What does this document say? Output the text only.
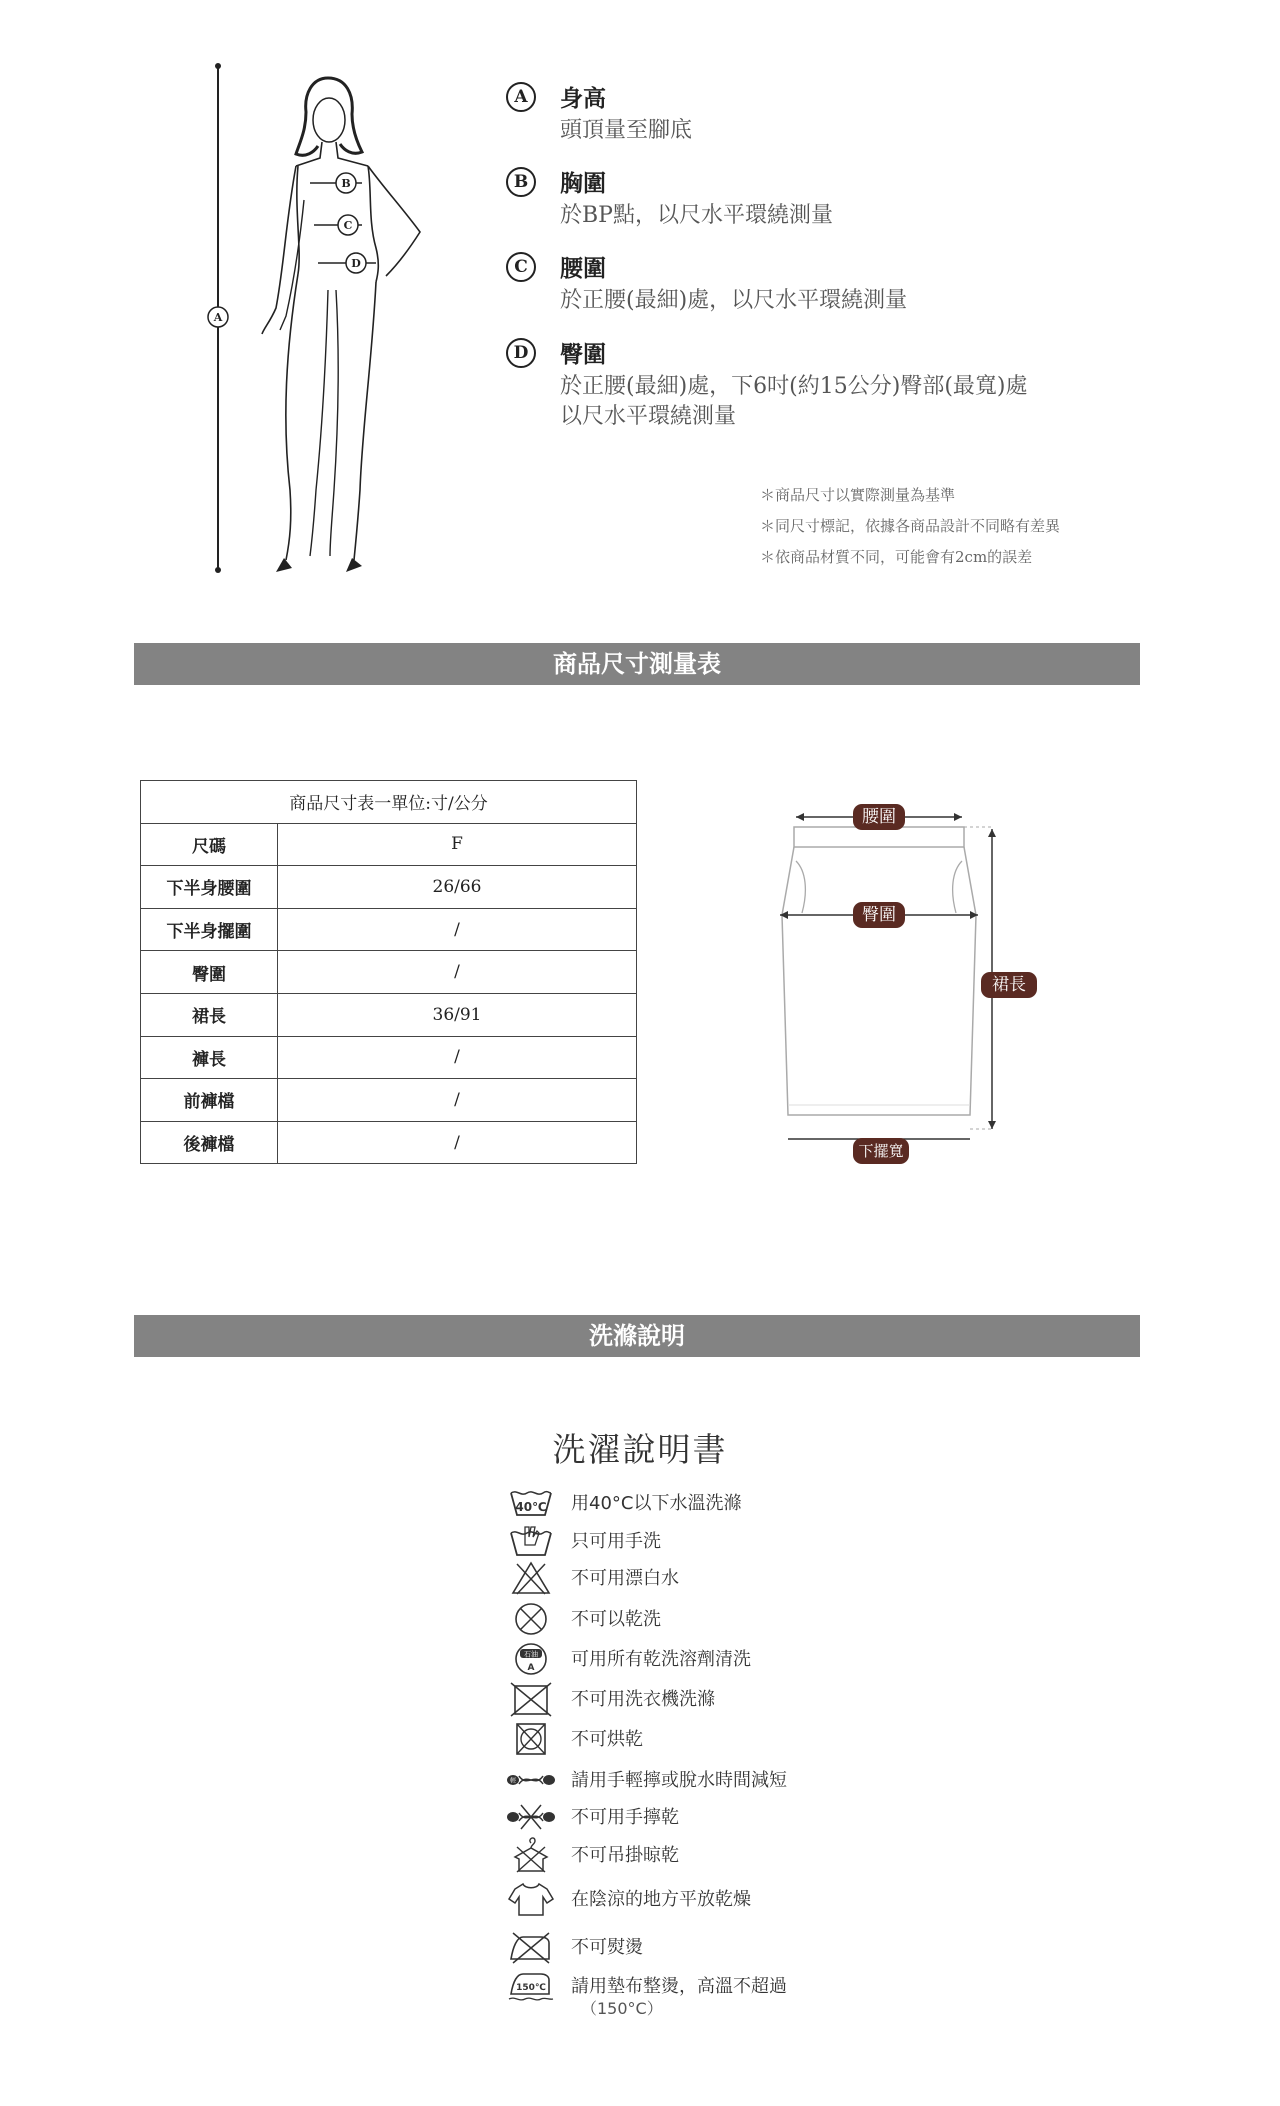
A
B
C
D
A	身高
頭頂量至腳底
B	胸圍
於BP點，以尺水平環繞測量
C	腰圍
於正腰(最細)處，以尺水平環繞測量
D	臀圍
於正腰(最細)處，下6吋(約15公分)臀部(最寬)處
以尺水平環繞測量
＊商品尺寸以實際測量為基準
＊同尺寸標記，依據各商品設計不同略有差異
＊依商品材質不同，可能會有2cm的誤差
商品尺寸測量表
商品尺寸表一單位:寸/公分	
尺碼	F
下半身腰圍	26/66
下半身擺圍	/
臀圍	/
裙長	36/91
褲長	/
前褲檔	/
後褲檔	/
腰圍
臀圍
裙長
下擺寬
洗滌說明
洗濯說明書
40℃ 用40°C以下水溫洗滌
只可用手洗
不可用漂白水
不可以乾洗
石油
A 可用所有乾洗溶劑清洗
不可用洗衣機洗滌
不可烘乾
輕	請用手輕擰或脫水時間減短
不可用手擰乾
不可吊掛晾乾
在陰涼的地方平放乾燥
不可熨燙
150℃ 請用墊布整燙，高溫不超過
（150°C）
